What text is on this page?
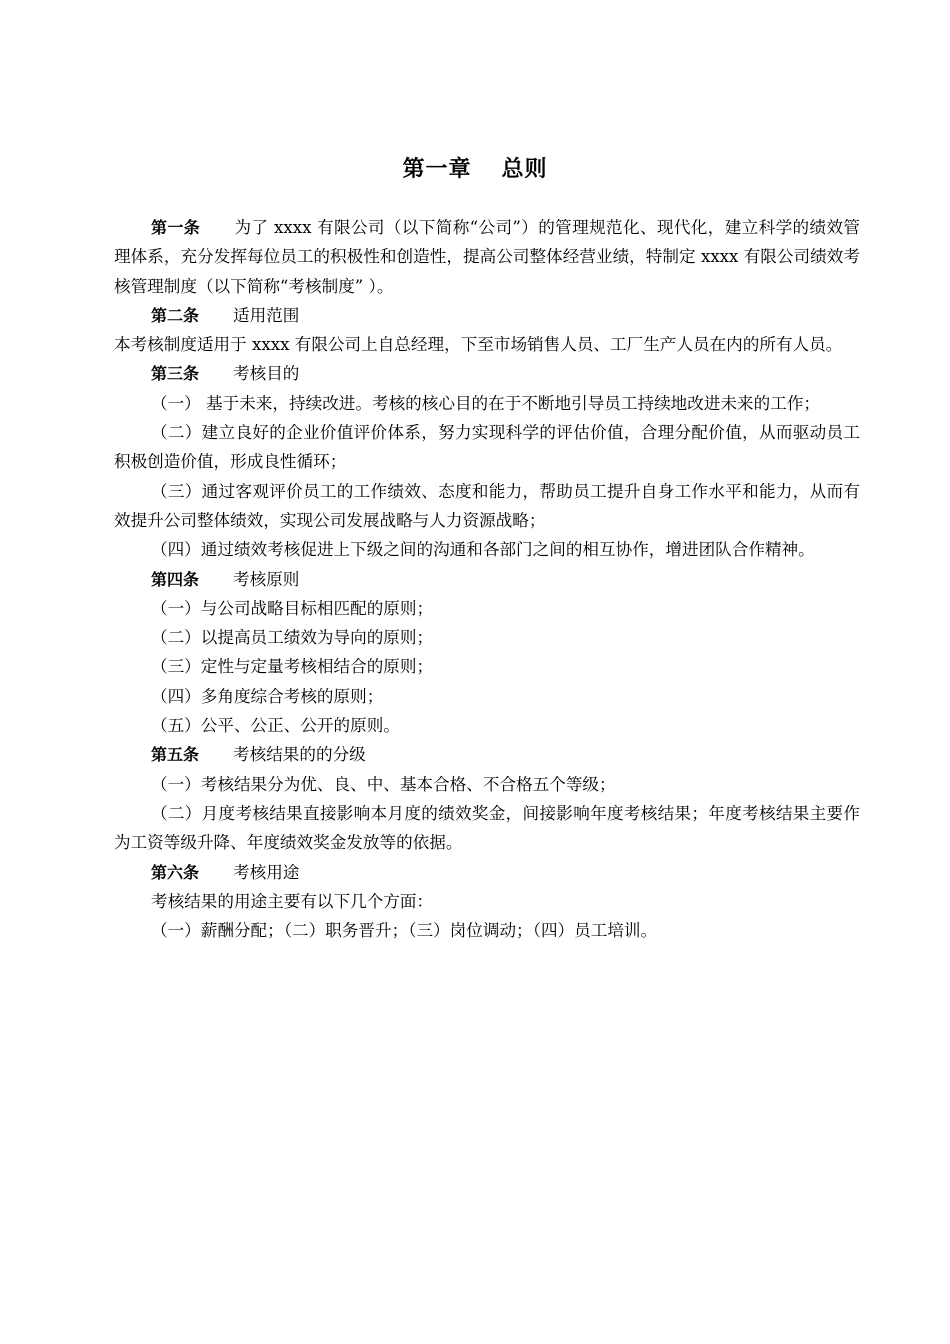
第一章 总则

第一条 为了 xxxx 有限公司（以下简称“公司”）的管理规范化、现代化，建立科学的绩效管理体系，充分发挥每位员工的积极性和创造性，提高公司整体经营业绩，特制定 xxxx 有限公司绩效考核管理制度（以下简称“考核制度” ）。

第二条 适用范围

本考核制度适用于 xxxx 有限公司上自总经理，下至市场销售人员、工厂生产人员在内的所有人员。

第三条 考核目的

（一） 基于未来，持续改进。考核的核心目的在于不断地引导员工持续地改进未来的工作；

（二）建立良好的企业价值评价体系，努力实现科学的评估价值，合理分配价值，从而驱动员工积极创造价值，形成良性循环；

（三）通过客观评价员工的工作绩效、态度和能力，帮助员工提升自身工作水平和能力，从而有效提升公司整体绩效，实现公司发展战略与人力资源战略；

（四）通过绩效考核促进上下级之间的沟通和各部门之间的相互协作，增进团队合作精神。

第四条 考核原则

（一）与公司战略目标相匹配的原则；

（二）以提高员工绩效为导向的原则；

（三）定性与定量考核相结合的原则；

（四）多角度综合考核的原则；

（五）公平、公正、公开的原则。

第五条 考核结果的的分级

（一）考核结果分为优、良、中、基本合格、不合格五个等级；

（二）月度考核结果直接影响本月度的绩效奖金，间接影响年度考核结果；年度考核结果主要作为工资等级升降、年度绩效奖金发放等的依据。

第六条 考核用途

考核结果的用途主要有以下几个方面：

（一）薪酬分配；（二）职务晋升；（三）岗位调动；（四）员工培训。
